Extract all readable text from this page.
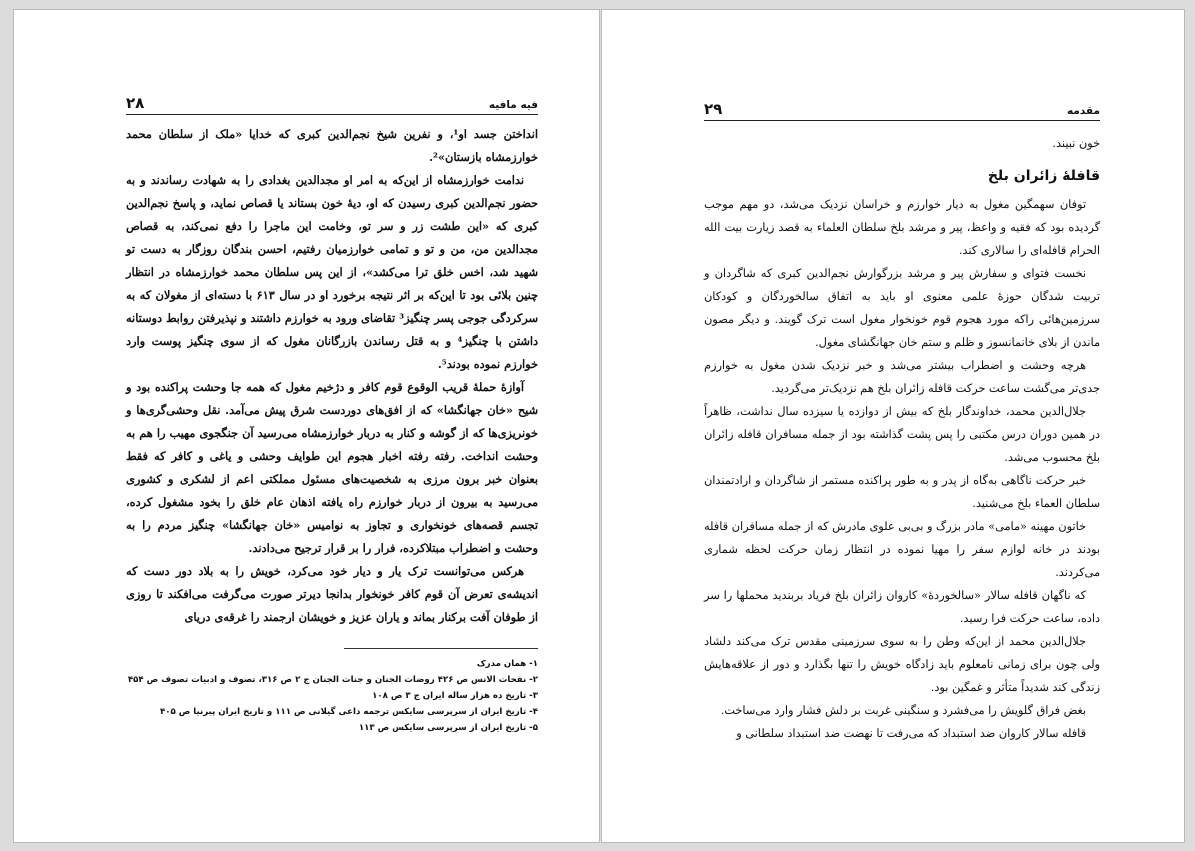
فیه مافیه
۲۸

انداختن جسد او¹، و نفرین شیخ نجم‌الدین کبری که خدایا «ملک از سلطان محمد خوارزمشاه بازستان»².

ندامت خوارزمشاه از این‌که به امر او مجدالدین بغدادی را به شهادت رساندند و به حضور نجم‌الدین کبری رسیدن که او، دیهٔ خون بستاند یا قصاص نماید، و پاسخ نجم‌الدین کبری که «این طشت زر و سر تو، وخامت این ماجرا را دفع نمی‌کند، به قصاص مجدالدین من، من و تو و تمامی خوارزمیان رفتیم، احسن بندگان روزگار به دست تو شهید شد، اخس خلق ترا می‌کشد»، از این پس سلطان محمد خوارزمشاه در انتظار چنین بلائی بود تا این‌که بر اثر نتیجه برخورد او در سال ۶۱۳ با دسته‌ای از مغولان که به سرکردگی جوجی پسر چنگیز³ تقاضای ورود به خوارزم داشتند و نپذیرفتن روابط دوستانه داشتن با چنگیز⁴ و به قتل رساندن بازرگانان مغول که از سوی چنگیز پوست وارد خوارزم نموده بودند⁵.

آوازهٔ حملهٔ قریب الوقوع قوم کافر و دژخیم مغول که همه جا وحشت پراکنده بود و شیح «خان جهانگشا» که از افق‌های دوردست شرق پیش می‌آمد. نقل وحشی‌گری‌ها و خونریزی‌ها که از گوشه و کنار به دربار خوارزمشاه می‌رسید آن جنگجوی مهیب را هم به وحشت انداخت. رفته رفته اخبار هجوم این طوایف وحشی و یاغی و کافر که فقط بعنوان خبر برون مرزی به شخصیت‌های مسئول مملکتی اعم از لشکری و کشوری می‌رسید به بیرون از دربار خوارزم راه یافته اذهان عام خلق را بخود مشغول کرده، تجسم قصه‌های خونخواری و تجاوز به نوامیس «خان جهانگشا» چنگیز مردم را به وحشت و اضطراب مبتلاکرده، فرار را بر قرار ترجیح می‌دادند.

هرکس می‌توانست ترک یار و دیار خود می‌کرد، خویش را به بلاد دور دست که اندیشه‌ی تعرض آن قوم کافر خونخوار بدانجا دیرتر صورت می‌گرفت می‌افکند تا روزی از طوفان آفت برکنار بماند و یاران عزیز و خویشان ارجمند را غرقه‌ی دریای

۱- همان مدرک
۲- نفحات الانس ص ۴۲۶ روضات الجنان و جنات الجنان ج ۲ ص ۳۱۶، تصوف و ادبیات تصوف ص ۴۵۴
۳- تاریخ ده هزار ساله ایران ج ۳ ص ۱۰۸
۴- تاریخ ایران از سرپرسی سایکس ترجمه داعی گیلانی ص ۱۱۱ و تاریخ ایران پیرنیا ص ۴۰۵
۵- تاریخ ایران از سرپرسی سایکس ص ۱۱۳
مقدمه
۲۹

خون نبیند.

قافلهٔ زائران بلخ

توفان سهمگین مغول به دیار خوارزم و خراسان نزدیک می‌شد، دو مهم موجب گردیده بود که فقیه و واعظ، پیر و مرشد بلخ سلطان العلماء به قصد زیارت بیت الله الحرام قافله‌ای را سالاری کند.

نخست فتوای و سفارش پیر و مرشد بزرگوارش نجم‌الدین کبری که شاگردان و تربیت شدگان حوزهٔ علمی معنوی او باید به اتفاق سالخوردگان و کودکان سرزمین‌هائی راکه مورد هجوم قوم خونخوار مغول است ترک گویند. و دیگر مصون ماندن از بلای خانمانسوز و ظلم و ستم خان جهانگشای مغول.

هرچه وحشت و اضطراب بیشتر می‌شد و خبر نزدیک شدن مغول به خوارزم جدی‌تر می‌گشت ساعت حرکت قافله زائران بلخ هم نزدیک‌تر می‌گردید.

جلال‌الدین محمد، خداوندگار بلخ که بیش از دوازده یا سیزده سال نداشت، ظاهراً در همین دوران درس مکتبی را پس پشت گذاشته بود از جمله مسافران قافله زائران بلخ محسوب می‌شد.

خبر حرکت ناگاهی به‌گاه از پدر و به طور پراکنده مستمر از شاگردان و ارادتمندان سلطان العماء بلخ می‌شنید.

خاتون مهینه «مامی» مادر بزرگ و بی‌بی علوی مادرش که از جمله مسافران قافله بودند در خانه لوازم سفر را مهیا نموده در انتظار زمان حرکت لحظه شماری می‌کردند.

که ناگهان قافله سالار «سالخوردهٔ» کاروان زائران بلخ فریاد بربندید محملها را سر داده، ساعت حرکت فرا رسید.

جلال‌الدین محمد از این‌که وطن را به سوی سرزمینی مقدس ترک می‌کند دلشاد ولی چون برای زمانی نامعلوم باید زادگاه خویش را تنها بگذارد و دور از علاقه‌هایش زندگی کند شدیداً متأثر و غمگین بود.

بغض فراق گلویش را می‌فشرد و سنگینی غربت بر دلش فشار وارد می‌ساخت.

قافله سالار کاروان ضد استبداد که می‌رفت تا نهضت ضد استبداد سلطانی و
